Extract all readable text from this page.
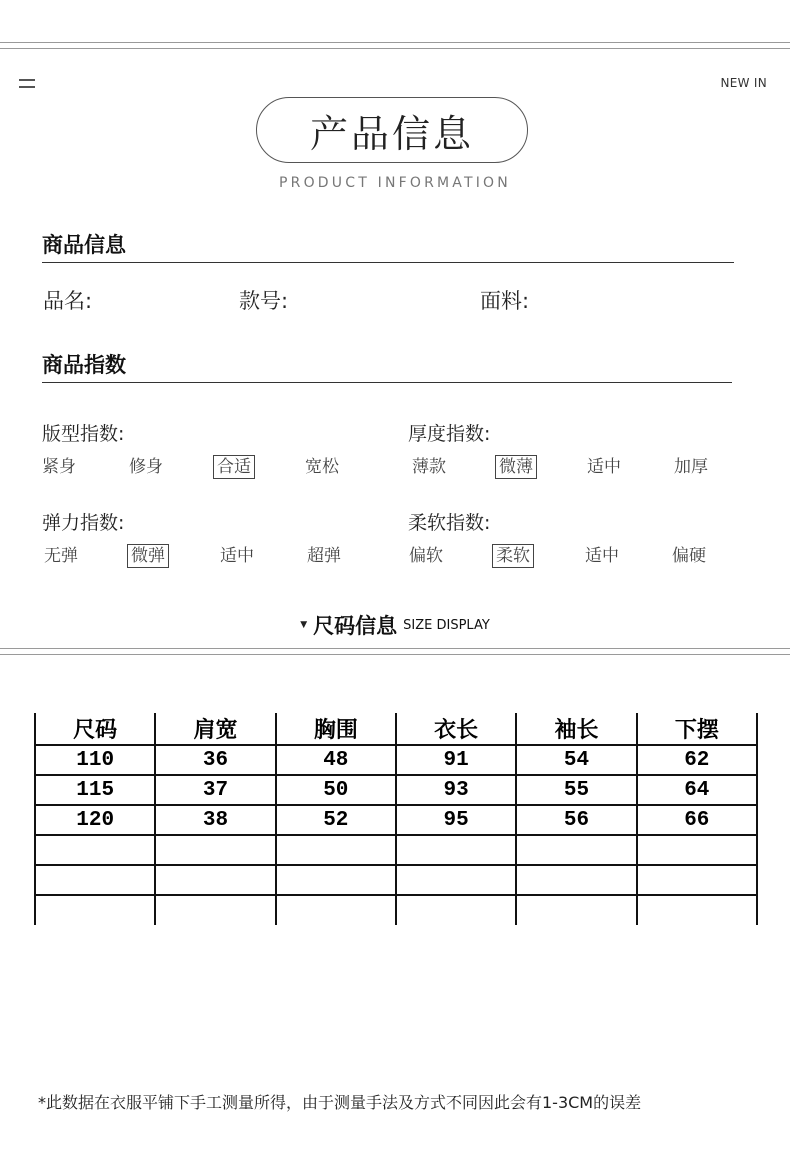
NEW IN
产品信息
PRODUCT INFORMATION
商品信息
品名:	款号:	面料:
商品指数
版型指数:
紧身	修身	合适	宽松
厚度指数:
薄款	微薄	适中	加厚
弹力指数:
无弹	微弹	适中	超弹
柔软指数:
偏软	柔软	适中	偏硬
▼ 尺码信息 SIZE DISPLAY
尺码	肩宽	胸围	衣长	袖长	下摆
110	36	48	91	54	62
115	37	50	93	55	64
120	38	52	95	56	66

*此数据在衣服平铺下手工测量所得，由于测量手法及方式不同因此会有1-3CM的误差
